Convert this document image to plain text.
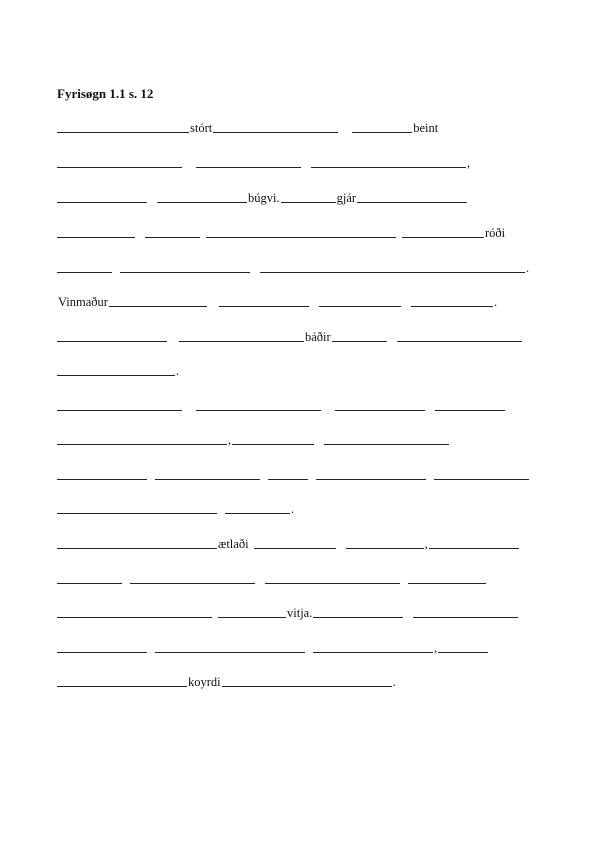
Fyrisøgn 1.1 s. 12
stórt	beint
,
búgvi.	gjár
róði
.
Vinmaður	.
báðir
.
,
.
ætlaði	,
vitja.
,
koyrdi	.
